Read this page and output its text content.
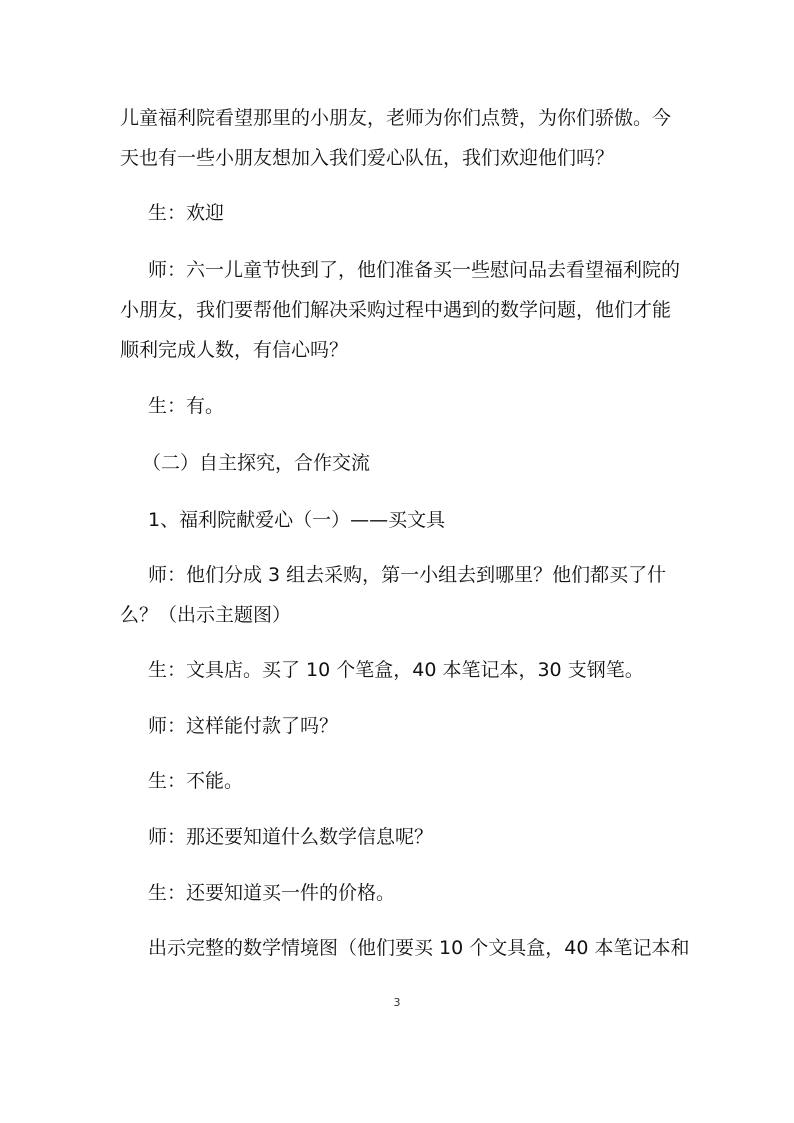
儿童福利院看望那里的小朋友，老师为你们点赞，为你们骄傲。今
天也有一些小朋友想加入我们爱心队伍，我们欢迎他们吗？

生：欢迎

师：六一儿童节快到了，他们准备买一些慰问品去看望福利院的
小朋友，我们要帮他们解决采购过程中遇到的数学问题，他们才能
顺利完成人数，有信心吗？

生：有。

（二）自主探究，合作交流

1、福利院献爱心（一）——买文具

师：他们分成 3 组去采购，第一小组去到哪里？他们都买了什
么？（出示主题图）

生：文具店。买了 10 个笔盒，40 本笔记本，30 支钢笔。

师：这样能付款了吗？

生：不能。

师：那还要知道什么数学信息呢？

生：还要知道买一件的价格。

出示完整的数学情境图（他们要买 10 个文具盒，40 本笔记本和

3
